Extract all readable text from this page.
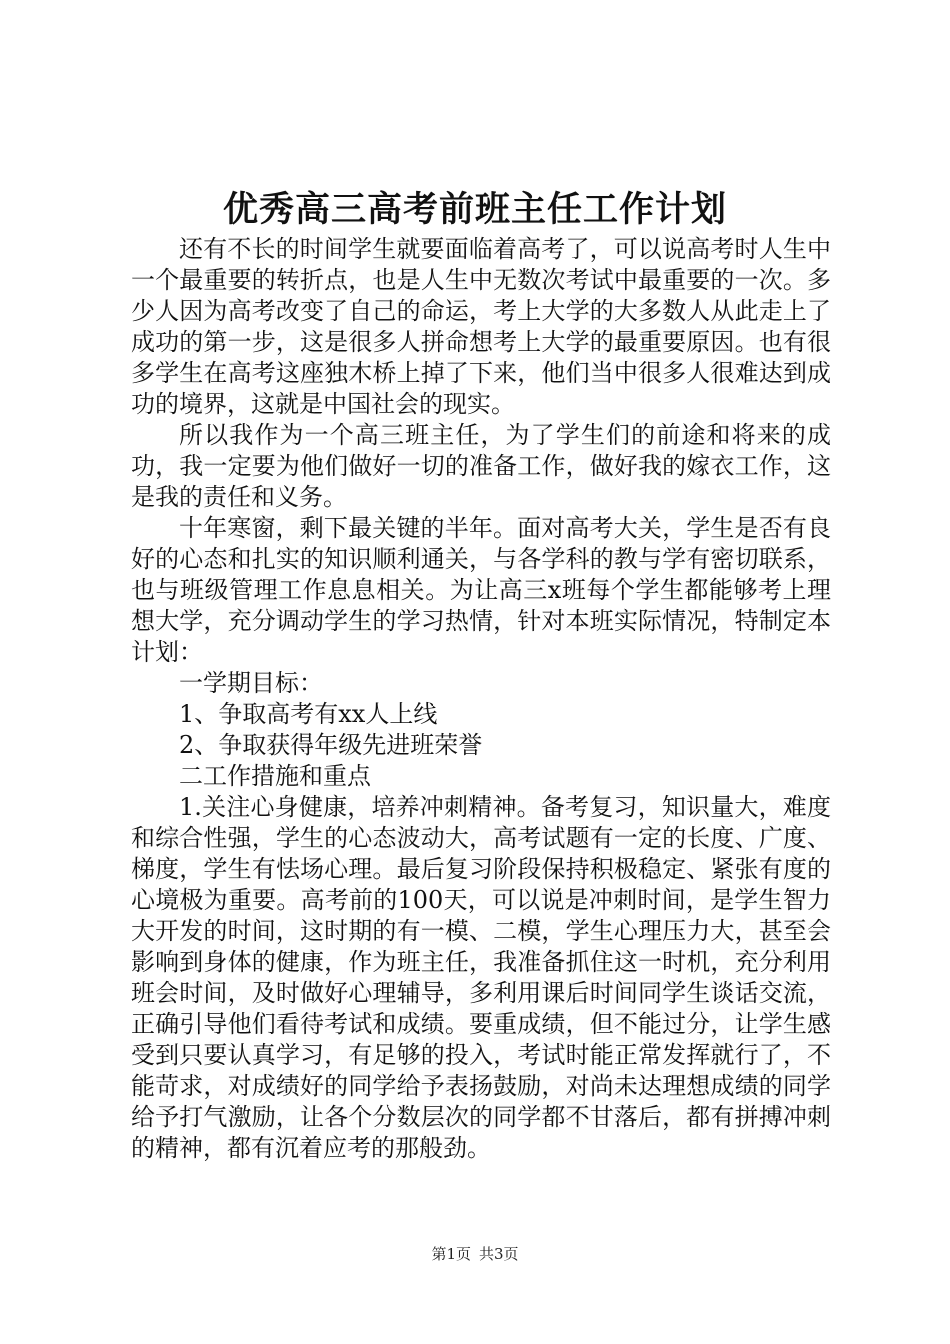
优秀高三高考前班主任工作计划

还有不长的时间学生就要面临着高考了，可以说高考时人生中一个最重要的转折点，也是人生中无数次考试中最重要的一次。多少人因为高考改变了自己的命运，考上大学的大多数人从此走上了成功的第一步，这是很多人拼命想考上大学的最重要原因。也有很多学生在高考这座独木桥上掉了下来，他们当中很多人很难达到成功的境界，这就是中国社会的现实。

所以我作为一个高三班主任，为了学生们的前途和将来的成功，我一定要为他们做好一切的准备工作，做好我的嫁衣工作，这是我的责任和义务。

十年寒窗，剩下最关键的半年。面对高考大关，学生是否有良好的心态和扎实的知识顺利通关，与各学科的教与学有密切联系，也与班级管理工作息息相关。为让高三x班每个学生都能够考上理想大学，充分调动学生的学习热情，针对本班实际情况，特制定本计划：

一学期目标：

1、争取高考有xx人上线

2、争取获得年级先进班荣誉

二工作措施和重点

1.关注心身健康，培养冲刺精神。备考复习，知识量大，难度和综合性强，学生的心态波动大，高考试题有一定的长度、广度、梯度，学生有怯场心理。最后复习阶段保持积极稳定、紧张有度的心境极为重要。高考前的100天，可以说是冲刺时间，是学生智力大开发的时间，这时期的有一模、二模，学生心理压力大，甚至会影响到身体的健康，作为班主任，我准备抓住这一时机，充分利用班会时间，及时做好心理辅导，多利用课后时间同学生谈话交流，正确引导他们看待考试和成绩。要重成绩，但不能过分，让学生感受到只要认真学习，有足够的投入，考试时能正常发挥就行了，不能苛求，对成绩好的同学给予表扬鼓励，对尚未达理想成绩的同学给予打气激励，让各个分数层次的同学都不甘落后，都有拼搏冲刺的精神，都有沉着应考的那般劲。

第1页 共3页
